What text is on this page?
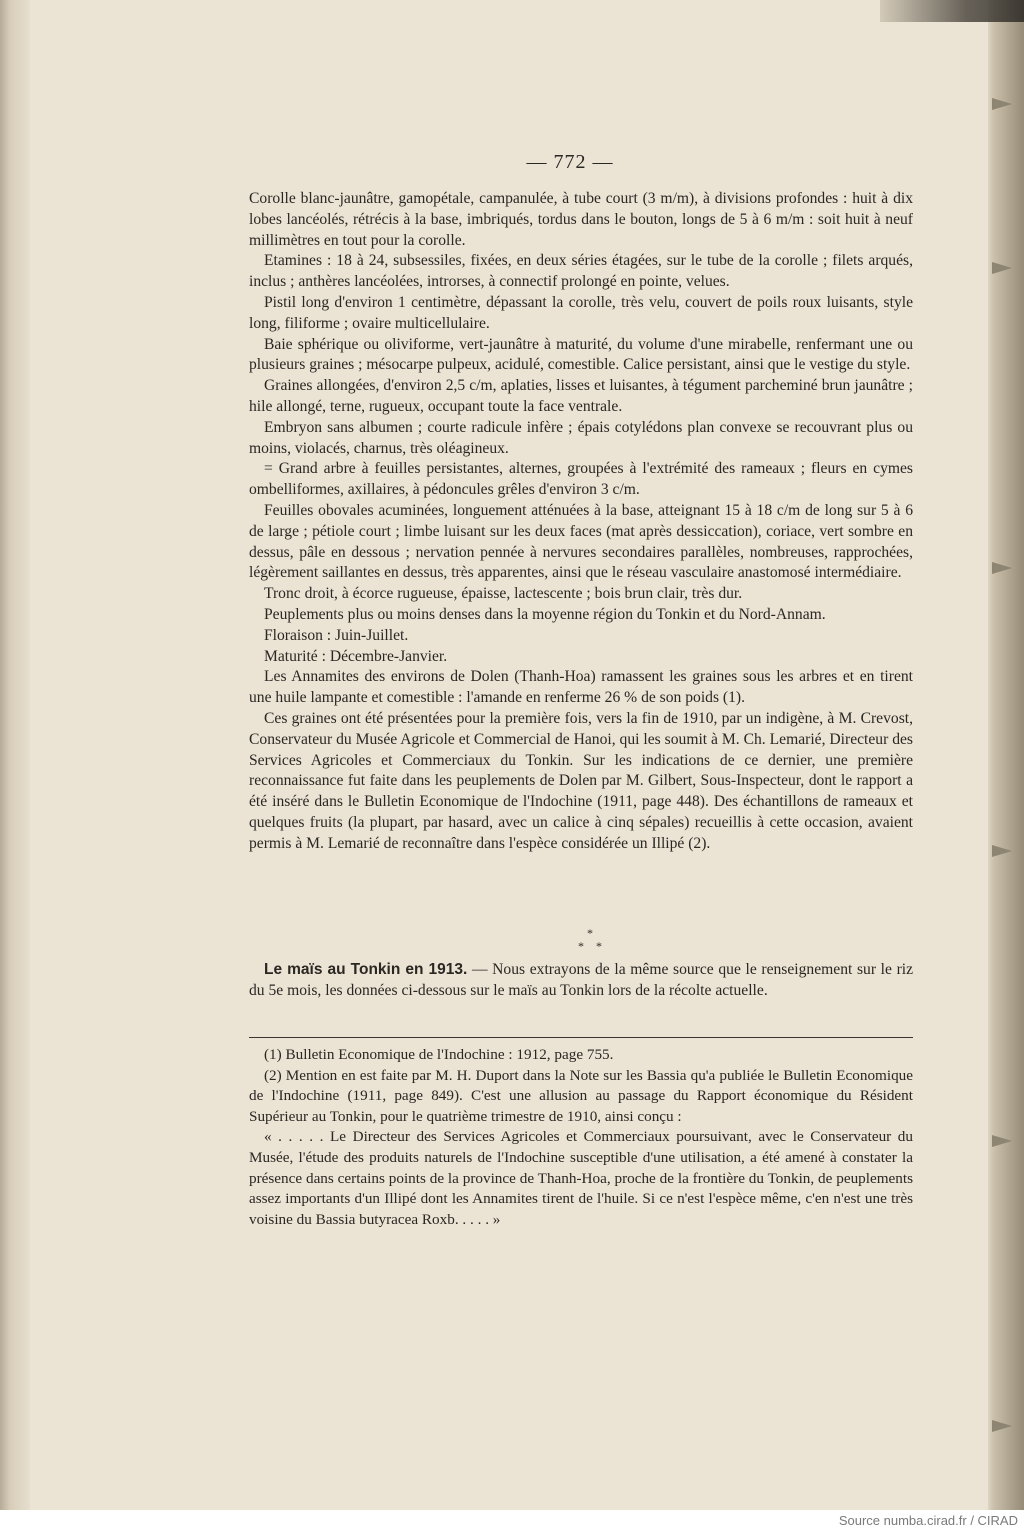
— 772 —

Corolle blanc-jaunâtre, gamopétale, campanulée, à tube court (3 m/m), à divisions profondes : huit à dix lobes lancéolés, rétrécis à la base, imbriqués, tordus dans le bouton, longs de 5 à 6 m/m : soit huit à neuf millimètres en tout pour la corolle.

Etamines : 18 à 24, subsessiles, fixées, en deux séries étagées, sur le tube de la corolle ; filets arqués, inclus ; anthères lancéolées, introrses, à connectif prolongé en pointe, velues.

Pistil long d'environ 1 centimètre, dépassant la corolle, très velu, couvert de poils roux luisants, style long, filiforme ; ovaire multicellulaire.

Baie sphérique ou oliviforme, vert-jaunâtre à maturité, du volume d'une mirabelle, renfermant une ou plusieurs graines ; mésocarpe pulpeux, acidulé, comestible. Calice persistant, ainsi que le vestige du style.

Graines allongées, d'environ 2,5 c/m, aplaties, lisses et luisantes, à tégument parcheminé brun jaunâtre ; hile allongé, terne, rugueux, occupant toute la face ventrale.

Embryon sans albumen ; courte radicule infère ; épais cotylédons plan convexe se recouvrant plus ou moins, violacés, charnus, très oléagineux.

= Grand arbre à feuilles persistantes, alternes, groupées à l'extrémité des rameaux ; fleurs en cymes ombelliformes, axillaires, à pédoncules grêles d'environ 3 c/m.

Feuilles obovales acuminées, longuement atténuées à la base, atteignant 15 à 18 c/m de long sur 5 à 6 de large ; pétiole court ; limbe luisant sur les deux faces (mat après dessiccation), coriace, vert sombre en dessus, pâle en dessous ; nervation pennée à nervures secondaires parallèles, nombreuses, rapprochées, légèrement saillantes en dessus, très apparentes, ainsi que le réseau vasculaire anastomosé intermédiaire.

Tronc droit, à écorce rugueuse, épaisse, lactescente ; bois brun clair, très dur.

Peuplements plus ou moins denses dans la moyenne région du Tonkin et du Nord-Annam.

Floraison : Juin-Juillet.

Maturité : Décembre-Janvier.

Les Annamites des environs de Dolen (Thanh-Hoa) ramassent les graines sous les arbres et en tirent une huile lampante et comestible : l'amande en renferme 26 % de son poids (1).

Ces graines ont été présentées pour la première fois, vers la fin de 1910, par un indigène, à M. Crevost, Conservateur du Musée Agricole et Commercial de Hanoi, qui les soumit à M. Ch. Lemarié, Directeur des Services Agricoles et Commerciaux du Tonkin. Sur les indications de ce dernier, une première reconnaissance fut faite dans les peuplements de Dolen par M. Gilbert, Sous-Inspecteur, dont le rapport a été inséré dans le Bulletin Economique de l'Indochine (1911, page 448). Des échantillons de rameaux et quelques fruits (la plupart, par hasard, avec un calice à cinq sépales) recueillis à cette occasion, avaient permis à M. Lemarié de reconnaître dans l'espèce considérée un Illipé (2).

*
* *

Le maïs au Tonkin en 1913. — Nous extrayons de la même source que le renseignement sur le riz du 5e mois, les données ci-dessous sur le maïs au Tonkin lors de la récolte actuelle.

(1) Bulletin Economique de l'Indochine : 1912, page 755.

(2) Mention en est faite par M. H. Duport dans la Note sur les Bassia qu'a publiée le Bulletin Economique de l'Indochine (1911, page 849). C'est une allusion au passage du Rapport économique du Résident Supérieur au Tonkin, pour le quatrième trimestre de 1910, ainsi conçu :

« . . . . . Le Directeur des Services Agricoles et Commerciaux poursuivant, avec le Conservateur du Musée, l'étude des produits naturels de l'Indochine susceptible d'une utilisation, a été amené à constater la présence dans certains points de la province de Thanh-Hoa, proche de la frontière du Tonkin, de peuplements assez importants d'un Illipé dont les Annamites tirent de l'huile. Si ce n'est l'espèce même, c'en n'est une très voisine du Bassia butyracea Roxb. . . . . »

Source numba.cirad.fr / CIRAD
